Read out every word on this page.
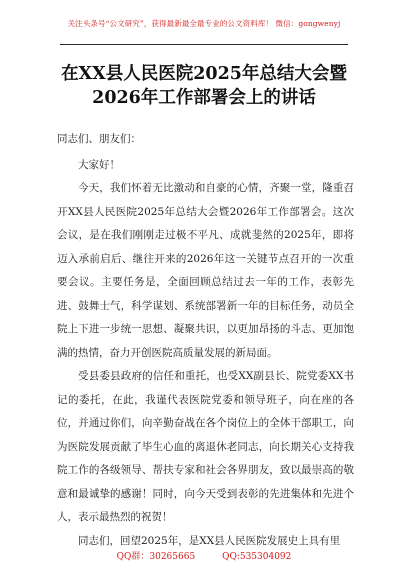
关注头条号“公文研究”，获得最新最全最专业的公文资料库！ 微信：gongwenyj
在XX县人民医院2025年总结大会暨
2026年工作部署会上的讲话

同志们、朋友们：

大家好！

今天，我们怀着无比激动和自豪的心情，齐聚一堂，隆重召开XX县人民医院2025年总结大会暨2026年工作部署会。这次会议，是在我们刚刚走过极不平凡、成就斐然的2025年，即将迈入承前启后、继往开来的2026年这一关键节点召开的一次重要会议。主要任务是，全面回顾总结过去一年的工作，表彰先进、鼓舞士气，科学谋划、系统部署新一年的目标任务，动员全院上下进一步统一思想、凝聚共识，以更加昂扬的斗志、更加饱满的热情，奋力开创医院高质量发展的新局面。

受县委县政府的信任和重托，也受XX副县长、院党委XX书记的委托，在此，我谨代表医院党委和领导班子，向在座的各位，并通过你们，向辛勤奋战在各个岗位上的全体干部职工，向为医院发展贡献了毕生心血的离退休老同志，向长期关心支持我院工作的各级领导、帮扶专家和社会各界朋友，致以最崇高的敬意和最诚挚的感谢！同时，向今天受到表彰的先进集体和先进个人，表示最热烈的祝贺！

同志们，回望2025年，是XX县人民医院发展史上具有里

QQ群：30265665	QQ:535304092
